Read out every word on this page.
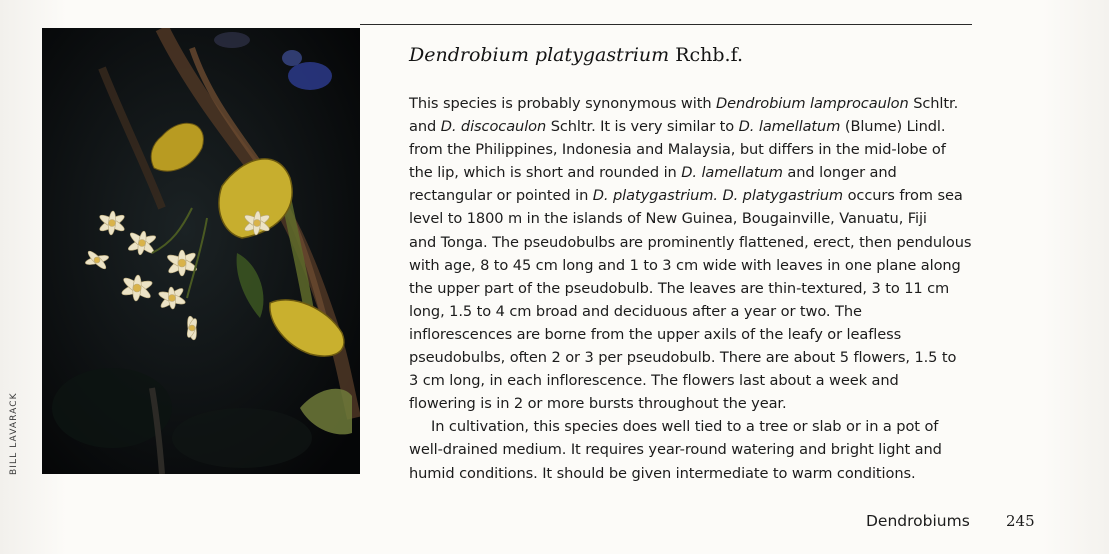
BILL LAVARACK
Dendrobium platygastrium Rchb.f.
This species is probably synonymous with Dendrobium lamprocaulon Schltr.
and D. discocaulon Schltr. It is very similar to D. lamellatum (Blume) Lindl.
from the Philippines, Indonesia and Malaysia, but differs in the mid-lobe of
the lip, which is short and rounded in D. lamellatum and longer and
rectangular or pointed in D. platygastrium. D. platygastrium occurs from sea
level to 1800 m in the islands of New Guinea, Bougainville, Vanuatu, Fiji
and Tonga. The pseudobulbs are prominently flattened, erect, then pendulous
with age, 8 to 45 cm long and 1 to 3 cm wide with leaves in one plane along
the upper part of the pseudobulb. The leaves are thin-textured, 3 to 11 cm
long, 1.5 to 4 cm broad and deciduous after a year or two. The
inflorescences are borne from the upper axils of the leafy or leafless
pseudobulbs, often 2 or 3 per pseudobulb. There are about 5 flowers, 1.5 to
3 cm long, in each inflorescence. The flowers last about a week and
flowering is in 2 or more bursts throughout the year.
In cultivation, this species does well tied to a tree or slab or in a pot of
well-drained medium. It requires year-round watering and bright light and
humid conditions. It should be given intermediate to warm conditions.
Dendrobiums 245
